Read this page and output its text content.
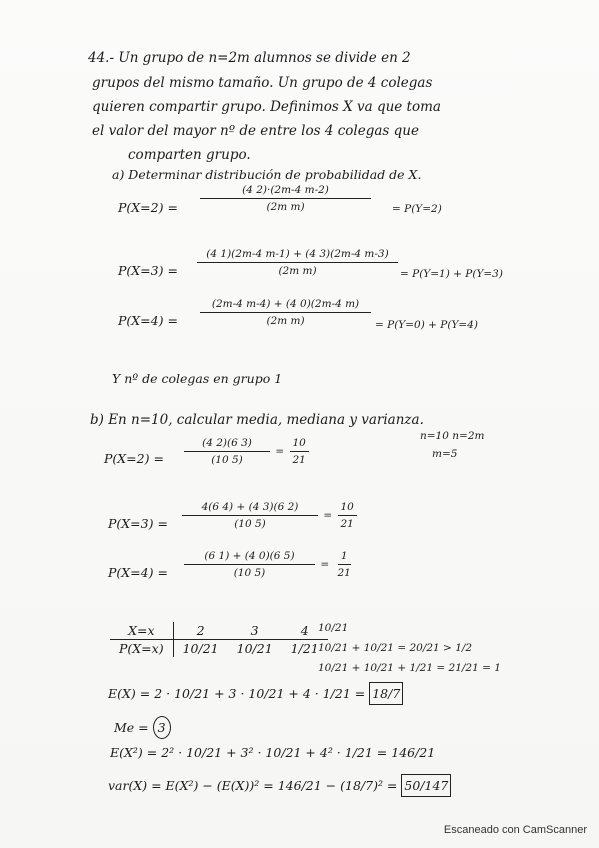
44.- Un grupo de n=2m alumnos se divide en 2
grupos del mismo tamaño. Un grupo de 4 colegas
quieren compartir grupo. Definimos X va que toma
el valor del mayor nº de entre los 4 colegas que
comparten grupo.
a) Determinar distribución de probabilidad de X.
$P(X=2) = \frac{(4 2)\cdot(2m-4 m-2)}{\text{(2m m)}} = P(Y=2)$
$P(X=3) = \frac{(4 1)(2m-4 m-1) + (4 3)(2m-4 m-3)}{\text{(2m m)}} = P(Y=1) + P(Y=3)$
$P(X=4) = \frac{(2m-4 m-4) + (4 0)(2m-4 m)}{\text{(2m m)}} = P(Y=0) + P(Y=4)$
Y nº de colegas en grupo 1
b) En n=10, calcular media, mediana y varianza.
n=10 n=2m
m=5
$P(X=2) = \frac{(4 2)(6 3)}{(10 5)} = \frac{10}{21}$
$P(X=3) = \frac{4(6 4) + (4 3)(6 2)}{(10 5)} = \frac{10}{21}$
$P(X=4) = \frac{(6 1) + (4 0)(6 5)}{(10 5)} = \frac{1}{21}$
X=x	2	3	4
P(X=x)	10/21	10/21	1/21
10/21
10/21 + 10/21 = 20/21 > 1/2
10/21 + 10/21 + 1/21 = 21/21 = 1
E(X) = 2 · 10/21 + 3 · 10/21 + 4 · 1/21 = 18/7
Me = 3
E(X²) = 2² · 10/21 + 3² · 10/21 + 4² · 1/21 = 146/21
var(X) = E(X²) − (E(X))² = 146/21 − (18/7)² = 50/147
Escaneado con CamScanner
